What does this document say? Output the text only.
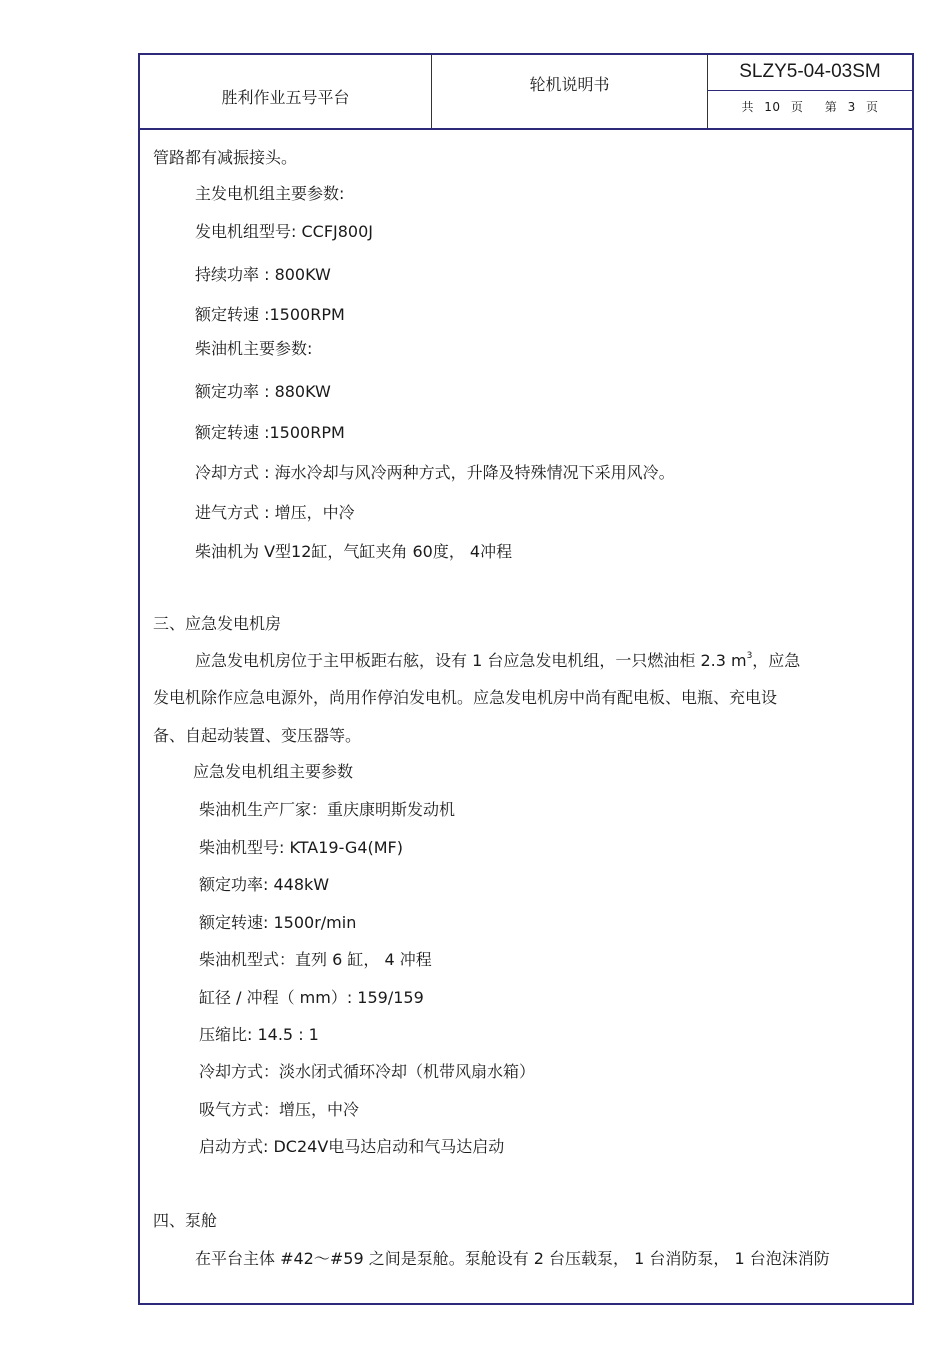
胜利作业五号平台
轮机说明书
SLZY5-04-03SM
共 10 页 第 3 页
管路都有减振接头。
主发电机组主要参数:
发电机组型号: CCFJ800J
持续功率 : 800KW
额定转速 :1500RPM
柴油机主要参数:
额定功率 : 880KW
额定转速 :1500RPM
冷却方式 : 海水冷却与风冷两种方式，升降及特殊情况下采用风冷。
进气方式 : 增压，中冷
柴油机为 V型12缸，气缸夹角 60度， 4冲程
三、应急发电机房
应急发电机房位于主甲板距右舷，设有 1 台应急发电机组，一只燃油柜 2.3 $m^3$，应急
发电机除作应急电源外，尚用作停泊发电机。应急发电机房中尚有配电板、电瓶、充电设
备、自起动装置、变压器等。
应急发电机组主要参数
柴油机生产厂家：重庆康明斯发动机
柴油机型号: KTA19-G4(MF)
额定功率: 448kW
额定转速: 1500r/min
柴油机型式：直列 6 缸， 4 冲程
缸径 / 冲程（ mm）: 159/159
压缩比: 14.5 : 1
冷却方式：淡水闭式循环冷却（机带风扇水箱）
吸气方式：增压，中冷
启动方式: DC24V电马达启动和气马达启动
四、泵舱
在平台主体 #42～#59 之间是泵舱。泵舱设有 2 台压载泵， 1 台消防泵， 1 台泡沫消防
